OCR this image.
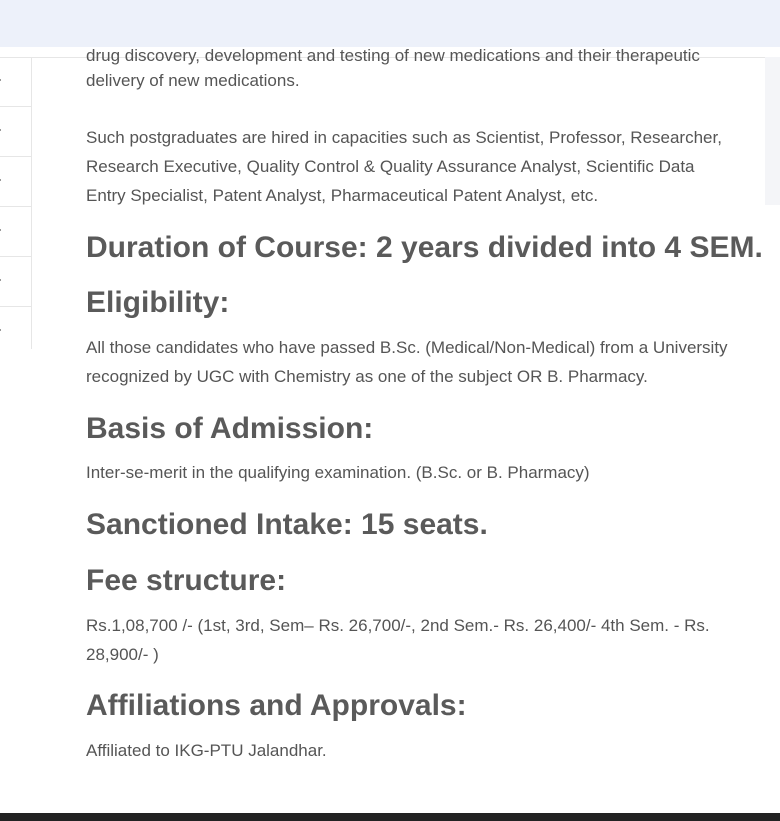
drug discovery, development and testing of new medications and their therapeutic

delivery of new medications.

Such postgraduates are hired in capacities such as Scientist, Professor, Researcher, Research Executive, Quality Control & Quality Assurance Analyst, Scientific Data Entry Specialist, Patent Analyst, Pharmaceutical Patent Analyst, etc.

Duration of Course: 2 years divided into 4 SEM.
Eligibility:

All those candidates who have passed B.Sc. (Medical/Non-Medical) from a University recognized by UGC with Chemistry as one of the subject OR B. Pharmacy.

Basis of Admission:

Inter-se-merit in the qualifying examination. (B.Sc. or B. Pharmacy)

Sanctioned Intake: 15 seats.
Fee structure:

Rs.1,08,700 /- (1st, 3rd, Sem– Rs. 26,700/-, 2nd Sem.- Rs. 26,400/- 4th Sem. - Rs. 28,900/- )

Affiliations and Approvals:

Affiliated to IKG-PTU Jalandhar.
